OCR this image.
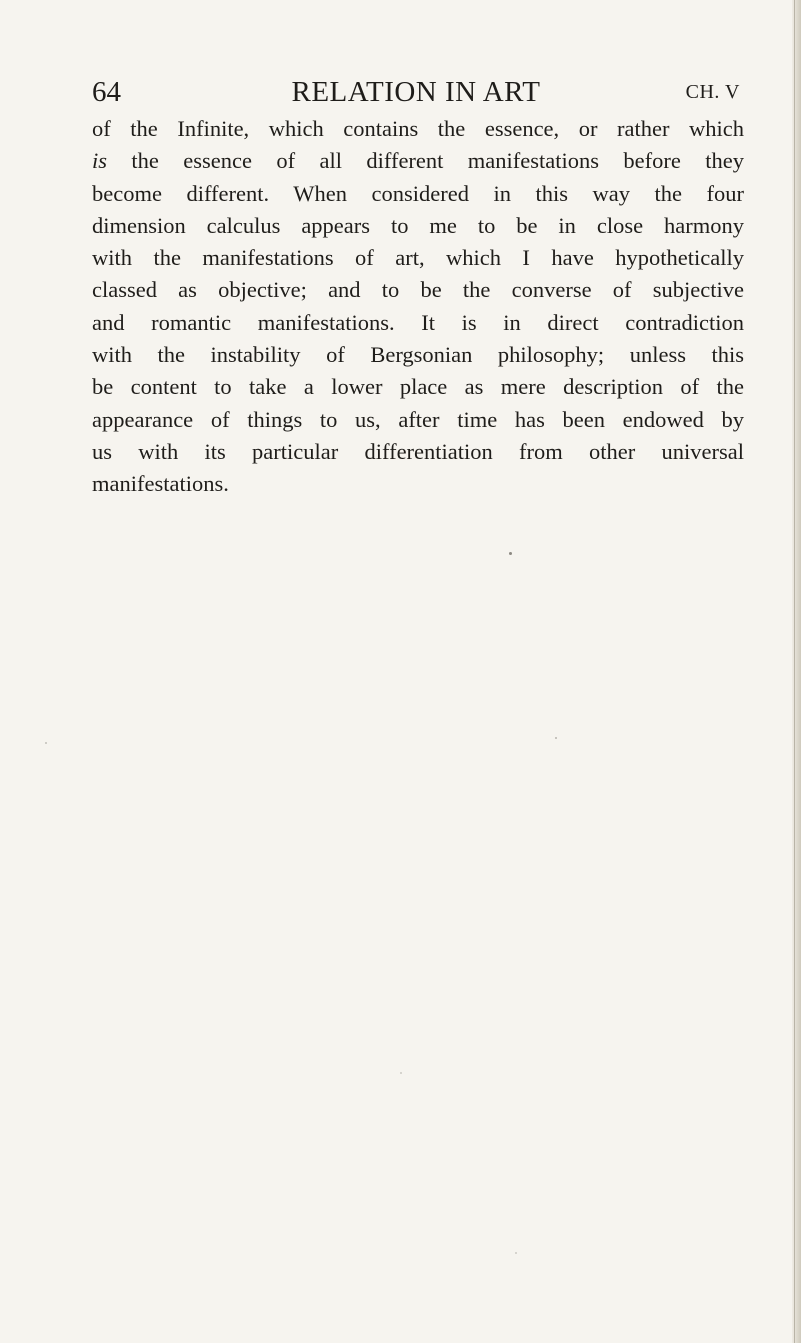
64	RELATION IN ART	CH. V
of the Infinite, which contains the essence, or rather which
is the essence of all different manifestations before they
become different. When considered in this way the four
dimension calculus appears to me to be in close harmony
with the manifestations of art, which I have hypothetically
classed as objective; and to be the converse of subjective
and romantic manifestations. It is in direct contradiction
with the instability of Bergsonian philosophy; unless this
be content to take a lower place as mere description of the
appearance of things to us, after time has been endowed by
us with its particular differentiation from other universal
manifestations.
